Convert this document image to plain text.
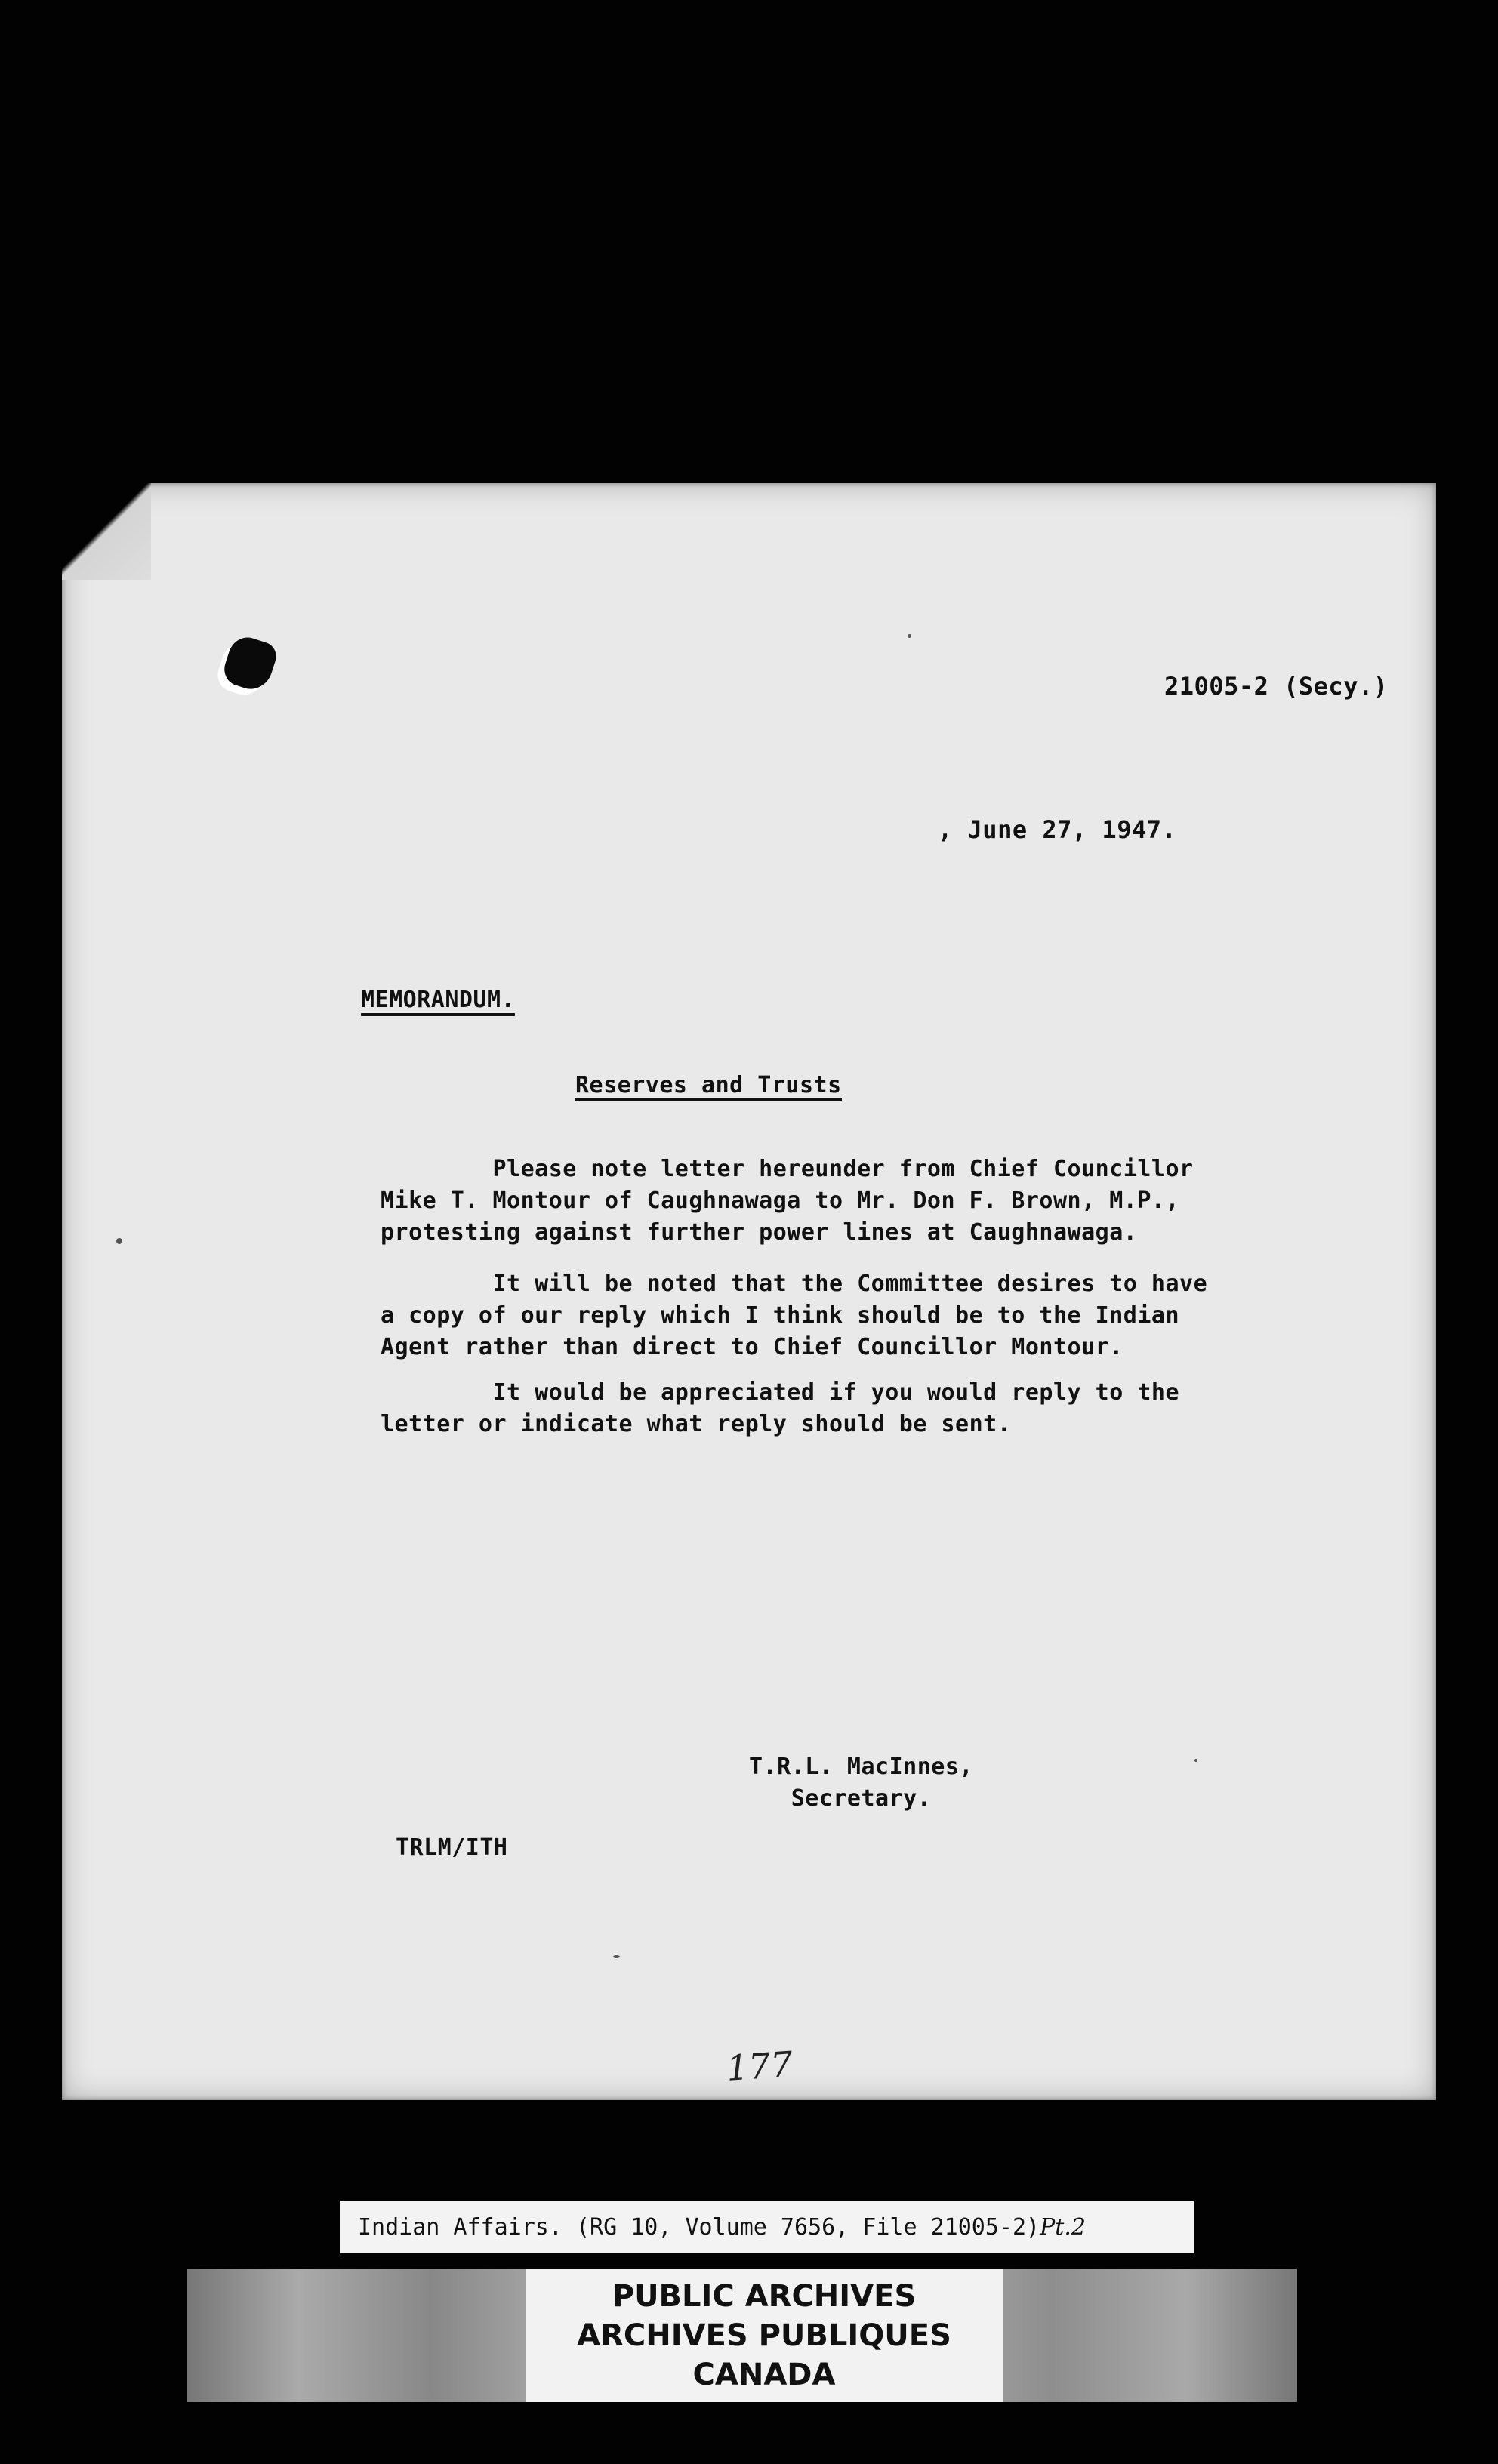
21005-2 (Secy.)
, June 27, 1947.
MEMORANDUM.
Reserves and Trusts
Please note letter hereunder from Chief Councillor
Mike T. Montour of Caughnawaga to Mr. Don F. Brown, M.P.,
protesting against further power lines at Caughnawaga.
It will be noted that the Committee desires to have
a copy of our reply which I think should be to the Indian
Agent rather than direct to Chief Councillor Montour.
It would be appreciated if you would reply to the
letter or indicate what reply should be sent.
T.R.L. MacInnes,
Secretary.
TRLM/ITH
177
Indian Affairs. (RG 10, Volume 7656, File 21005-2) Pt.2
PUBLIC ARCHIVES
ARCHIVES PUBLIQUES
CANADA
